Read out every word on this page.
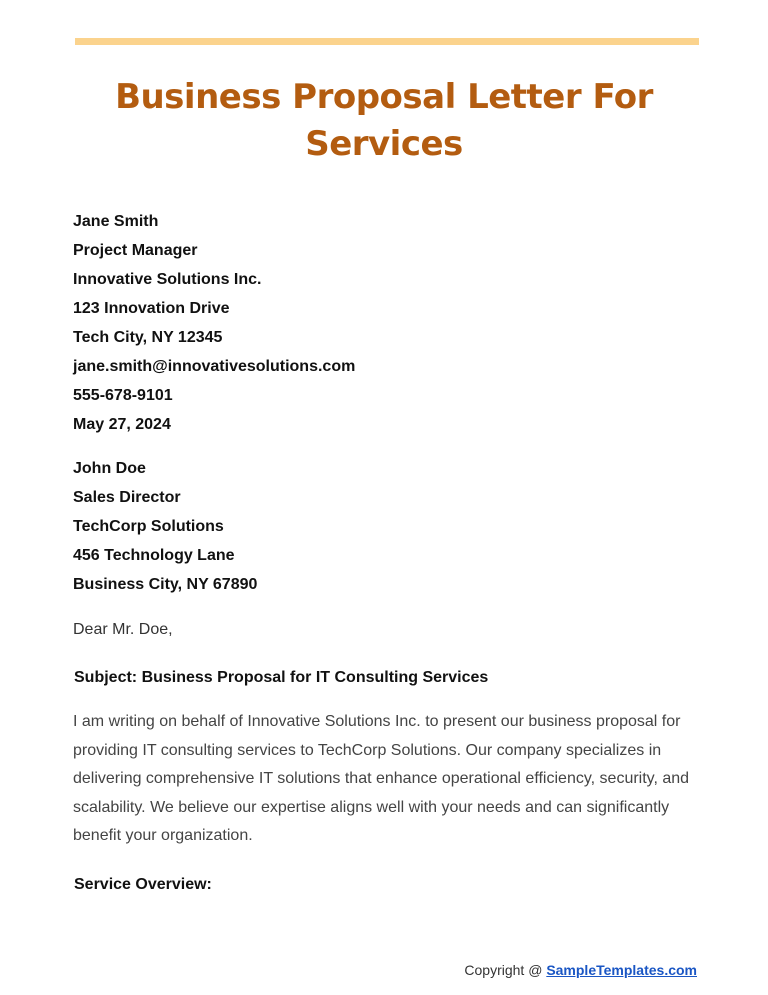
Business Proposal Letter For Services
Jane Smith
Project Manager
Innovative Solutions Inc.
123 Innovation Drive
Tech City, NY 12345
jane.smith@innovativesolutions.com
555-678-9101
May 27, 2024
John Doe
Sales Director
TechCorp Solutions
456 Technology Lane
Business City, NY 67890
Dear Mr. Doe,
Subject: Business Proposal for IT Consulting Services
I am writing on behalf of Innovative Solutions Inc. to present our business proposal for
providing IT consulting services to TechCorp Solutions. Our company specializes in
delivering comprehensive IT solutions that enhance operational efficiency, security, and
scalability. We believe our expertise aligns well with your needs and can significantly
benefit your organization.
Service Overview:
Copyright @ SampleTemplates.com
